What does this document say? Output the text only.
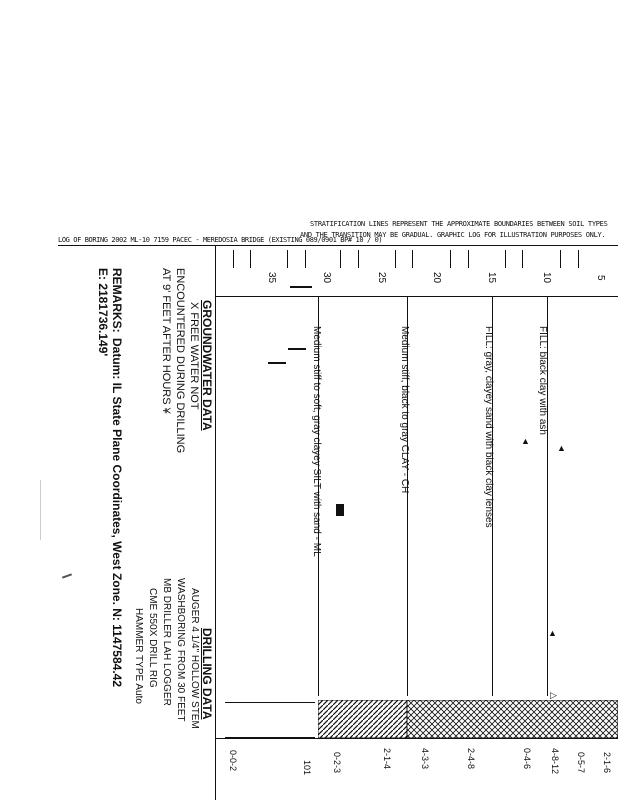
STRATIFICATION LINES REPRESENT THE APPROXIMATE BOUNDARIES BETWEEN SOIL TYPES
AND THE TRANSITION MAY BE GRADUAL. GRAPHIC LOG FOR ILLUSTRATION PURPOSES ONLY.
LOG OF BORING 2002 ML-10 7159 PACEC - MEREDOSIA BRIDGE (EXISTING 089/0901 BP# 10 / 0)
5
10
15
20
25
30
35
FILL: black clay with ash
FILL: gray, clayey sand with black clay lenses
Medium stiff, black to gray CLAY - CH
Medium stiff to soft, gray clayey SILT with sand - ML	▲
▲
▲
▷
2-1-6
0-5-7
4-8-12
0-4-6
2-4-8
4-3-3
2-1-4
0-2-3
101
0-0-2
GROUNDWATER DATA
X FREE WATER NOT
ENCOUNTERED DURING DRILLING
AT 9' FEET AFTER HOURS ¥
DRILLING DATA
AUGER 4 1/4" HOLLOW STEM
WASHBORING FROM 30 FEET
MB DRILLER LAH LOGGER
CME 550X DRILL RIG
HAMMER TYPE Auto
REMARKS:
Datum: IL State Plane Coordinates, West Zone. N: 1147584.42
E: 2181736.149'
